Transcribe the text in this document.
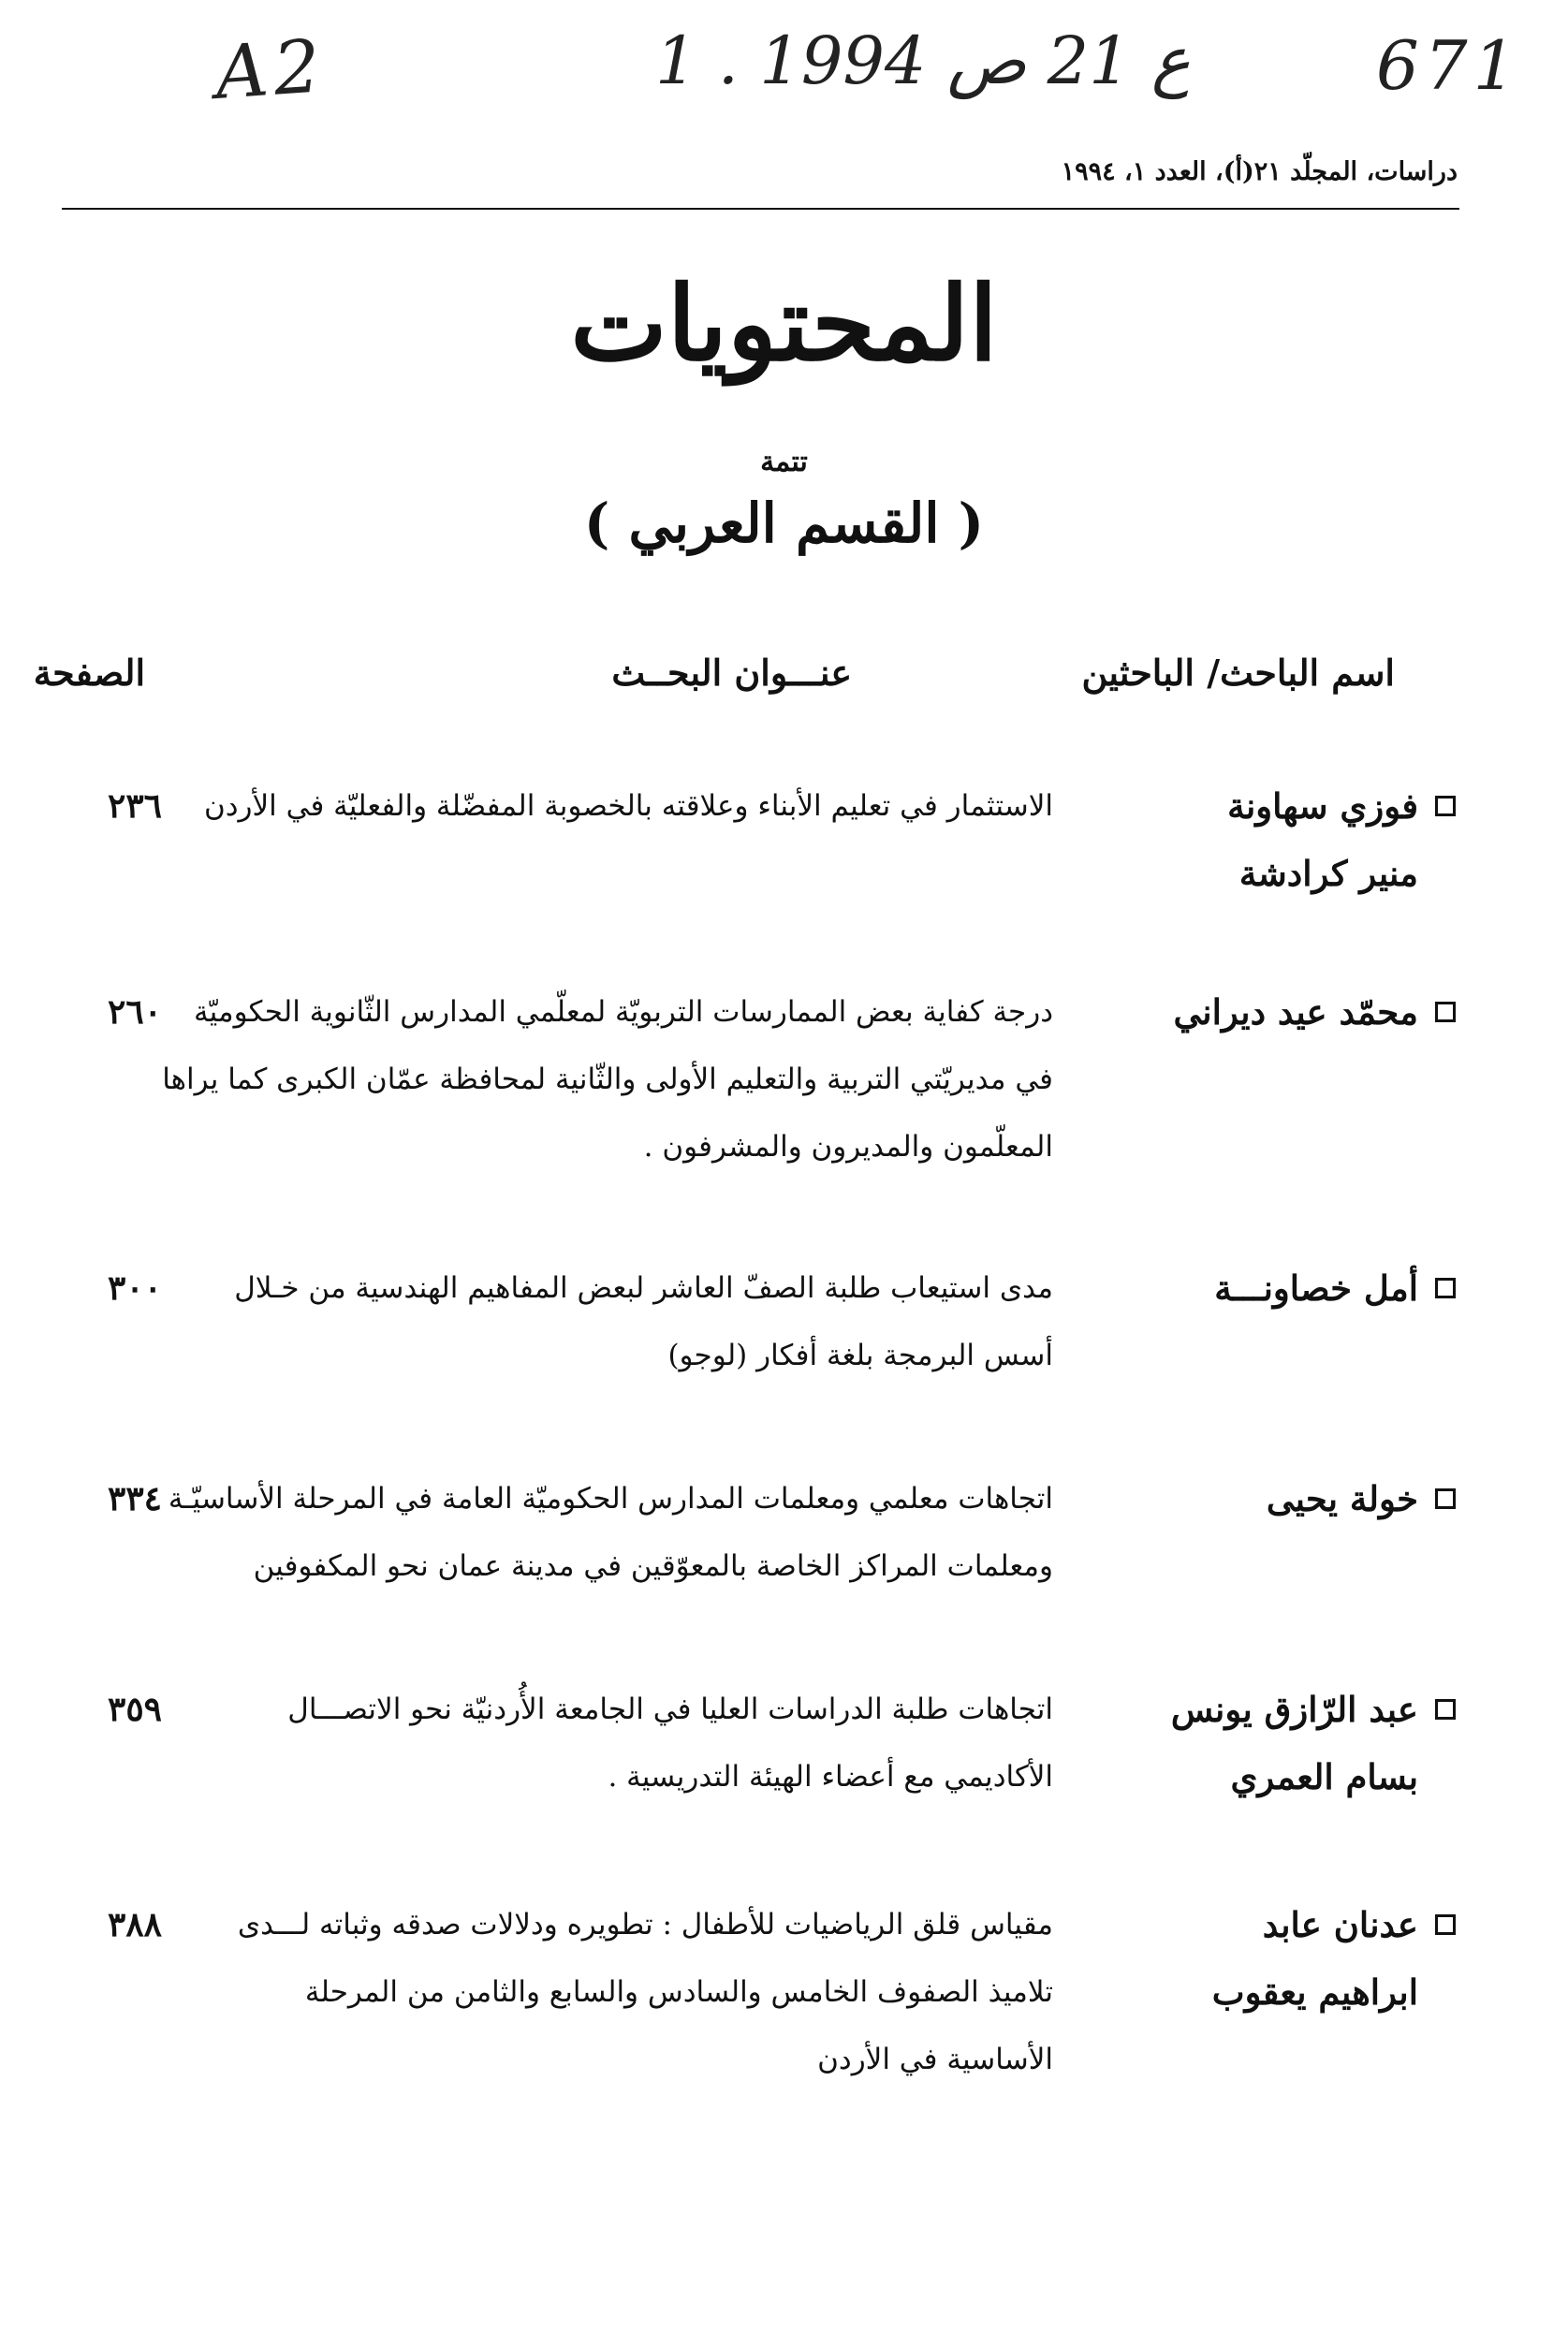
A2	1 . ع 21 ص 1994	671
دراسات، المجلّد ٢١(أ)، العدد ١، ١٩٩٤
المحتويات
تتمة
( القسم العربي )
اسم الباحث/ الباحثين
عنـــوان البحــث
الصفحة
فوزي سهاونة
منير كرادشة
الاستثمار في تعليم الأبناء وعلاقته بالخصوبة المفضّلة والفعليّة في الأردن
٢٣٦
محمّد عيد ديراني
درجة كفاية بعض الممارسات التربويّة لمعلّمي المدارس الثّانوية الحكوميّة
في مديريّتي التربية والتعليم الأولى والثّانية لمحافظة عمّان الكبرى كما يراها
المعلّمون والمديرون والمشرفون .
٢٦٠
أمل خصاونـــة
مدى استيعاب طلبة الصفّ العاشر لبعض المفاهيم الهندسية من خـلال
أسس البرمجة بلغة أفكار (لوجو)
٣٠٠
خولة يحيى
اتجاهات معلمي ومعلمات المدارس الحكوميّة العامة في المرحلة الأساسيّـة
ومعلمات المراكز الخاصة بالمعوّقين في مدينة عمان نحو المكفوفين
٣٣٤
عبد الرّازق يونس
بسام العمري
اتجاهات طلبة الدراسات العليا في الجامعة الأُردنيّة نحو الاتصـــال
الأكاديمي مع أعضاء الهيئة التدريسية .
٣٥٩
عدنان عابد
ابراهيم يعقوب
مقياس قلق الرياضيات للأطفال : تطويره ودلالات صدقه وثباته لـــدى
تلاميذ الصفوف الخامس والسادس والسابع والثامن من المرحلة
الأساسية في الأردن
٣٨٨
